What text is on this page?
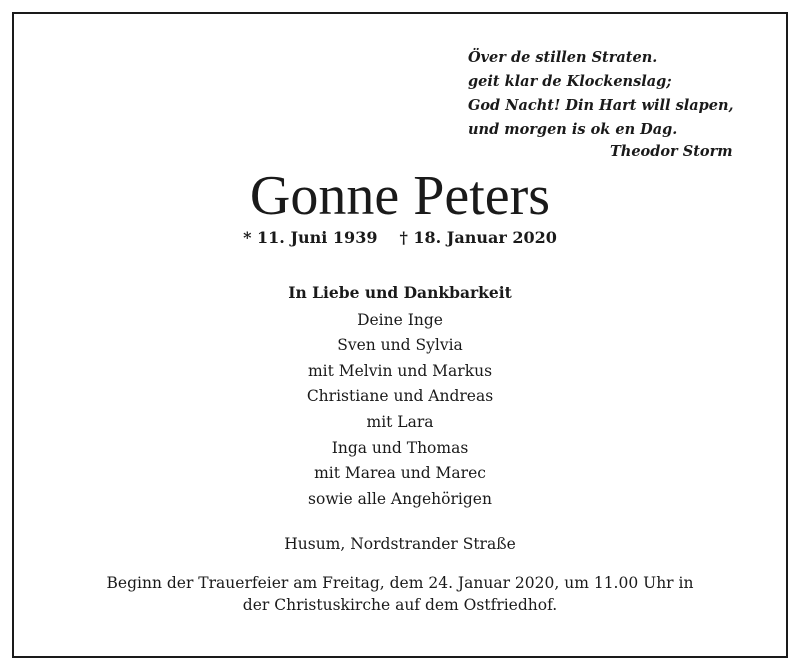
Över de stillen Straten.
geit klar de Klockenslag;
God Nacht! Din Hart will slapen,
und morgen is ok en Dag.
Theodor Storm
Gonne Peters
* 11. Juni 1939 † 18. Januar 2020
In Liebe und Dankbarkeit
Deine Inge
Sven und Sylvia
mit Melvin und Markus
Christiane und Andreas
mit Lara
Inga und Thomas
mit Marea und Marec
sowie alle Angehörigen
Husum, Nordstrander Straße
Beginn der Trauerfeier am Freitag, dem 24. Januar 2020, um 11.00 Uhr in
der Christuskirche auf dem Ostfriedhof.
